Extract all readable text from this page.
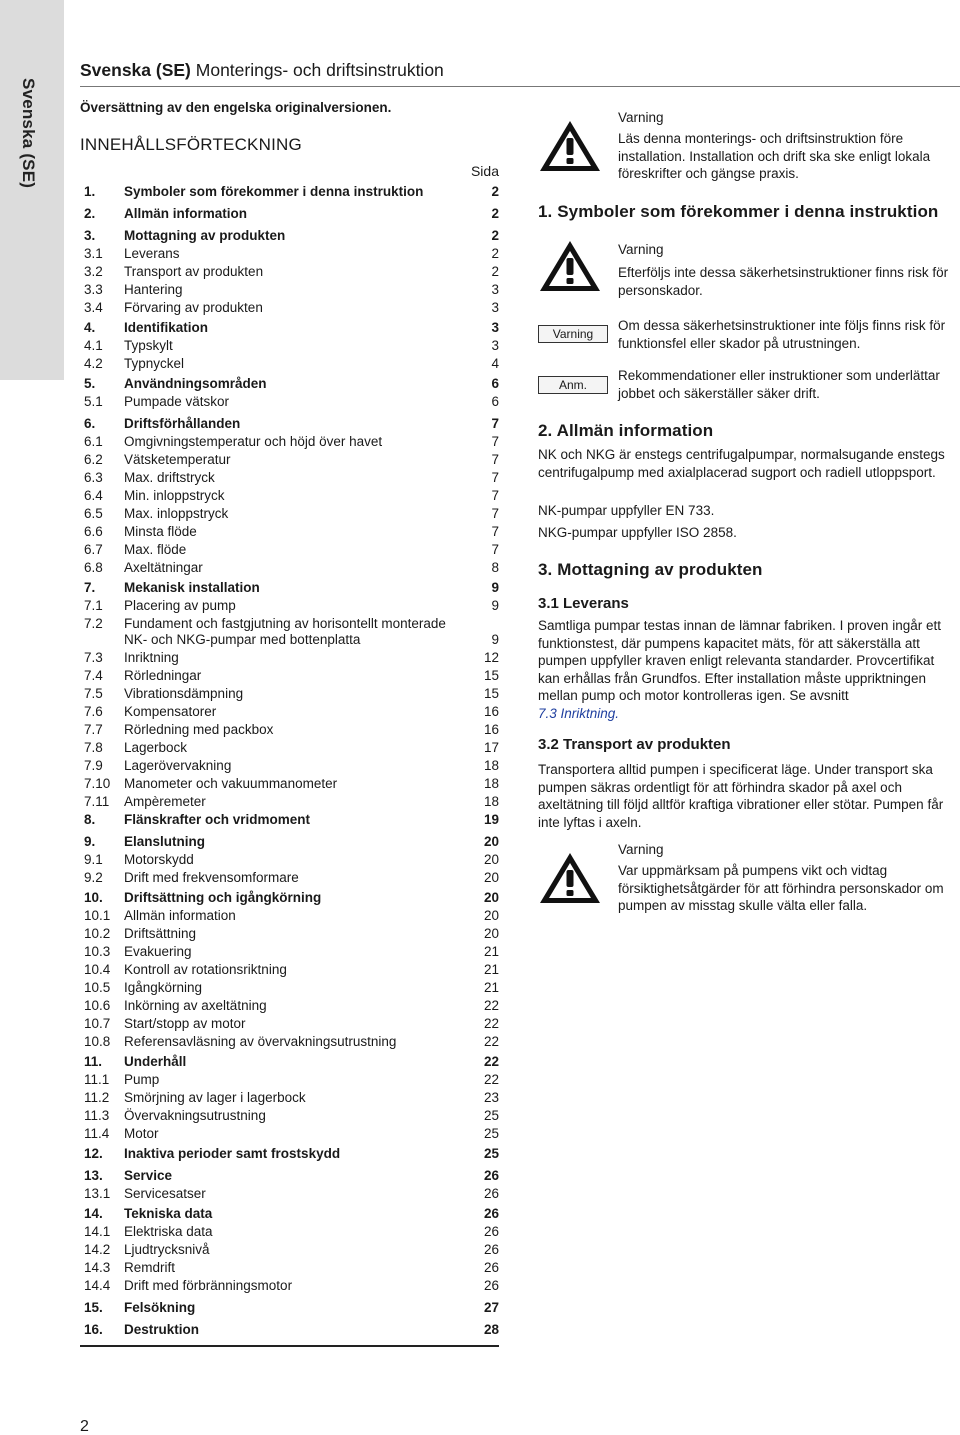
Svenska (SE)
Svenska (SE) Monterings- och driftsinstruktion
Översättning av den engelska originalversionen.
INNEHÅLLSFÖRTECKNING
Sida
1. Symboler som förekommer i denna instruktion	2
2. Allmän information	2
3. Mottagning av produkten	2
3.1 Leverans	2
3.2 Transport av produkten	2
3.3 Hantering	3
3.4 Förvaring av produkten	3
4. Identifikation	3
4.1 Typskylt	3
4.2 Typnyckel	4
5. Användningsområden	6
5.1 Pumpade vätskor	6
6. Driftsförhållanden	7
6.1 Omgivningstemperatur och höjd över havet	7
6.2 Vätsketemperatur	7
6.3 Max. driftstryck	7
6.4 Min. inloppstryck	7
6.5 Max. inloppstryck	7
6.6 Minsta flöde	7
6.7 Max. flöde	7
6.8 Axeltätningar	8
7. Mekanisk installation	9
7.1 Placering av pump	9
7.2 Fundament och fastgjutning av horisontellt monterade
NK- och NKG-pumpar med bottenplatta	9
7.3 Inriktning	12
7.4 Rörledningar	15
7.5 Vibrationsdämpning	15
7.6 Kompensatorer	16
7.7 Rörledning med packbox	16
7.8 Lagerbock	17
7.9 Lagerövervakning	18
7.10 Manometer och vakuummanometer	18
7.11 Ampèremeter	18
8. Flänskrafter och vridmoment	19
9. Elanslutning	20
9.1 Motorskydd	20
9.2 Drift med frekvensomformare	20
10. Driftsättning och igångkörning	20
10.1 Allmän information	20
10.2 Driftsättning	20
10.3 Evakuering	21
10.4 Kontroll av rotationsriktning	21
10.5 Igångkörning	21
10.6 Inkörning av axeltätning	22
10.7 Start/stopp av motor	22
10.8 Referensavläsning av övervakningsutrustning	22
11. Underhåll	22
11.1 Pump	22
11.2 Smörjning av lager i lagerbock	23
11.3 Övervakningsutrustning	25
11.4 Motor	25
12. Inaktiva perioder samt frostskydd	25
13. Service	26
13.1 Servicesatser	26
14. Tekniska data	26
14.1 Elektriska data	26
14.2 Ljudtrycksnivå	26
14.3 Remdrift	26
14.4 Drift med förbränningsmotor	26
15. Felsökning	27
16. Destruktion	28
Varning
Läs denna monterings- och driftsinstruktion före installation. Installation och drift ska ske enligt lokala föreskrifter och gängse praxis.
1. Symboler som förekommer i denna instruktion
Varning
Efterföljs inte dessa säkerhetsinstruktioner finns risk för personskador.
Varning
Om dessa säkerhetsinstruktioner inte följs finns risk för funktionsfel eller skador på utrustningen.
Anm.
Rekommendationer eller instruktioner som underlättar jobbet och säkerställer säker drift.
2. Allmän information
NK och NKG är enstegs centrifugalpumpar, normalsugande enstegs centrifugalpump med axialplacerad sugport och radiell utloppsport.
NK-pumpar uppfyller EN 733.
NKG-pumpar uppfyller ISO 2858.
3. Mottagning av produkten
3.1 Leverans
Samtliga pumpar testas innan de lämnar fabriken. I proven ingår ett funktionstest, där pumpens kapacitet mäts, för att säkerställa att pumpen uppfyller kraven enligt relevanta standarder. Provcertifikat kan erhållas från Grundfos. Efter installation måste uppriktningen mellan pump och motor kontrolleras igen. Se avsnitt
7.3 Inriktning.
3.2 Transport av produkten
Transportera alltid pumpen i specificerat läge. Under transport ska pumpen säkras ordentligt för att förhindra skador på axel och axeltätning till följd alltför kraftiga vibrationer eller stötar. Pumpen får inte lyftas i axeln.
Varning
Var uppmärksam på pumpens vikt och vidtag försiktighetsåtgärder för att förhindra personskador om pumpen av misstag skulle välta eller falla.
2
